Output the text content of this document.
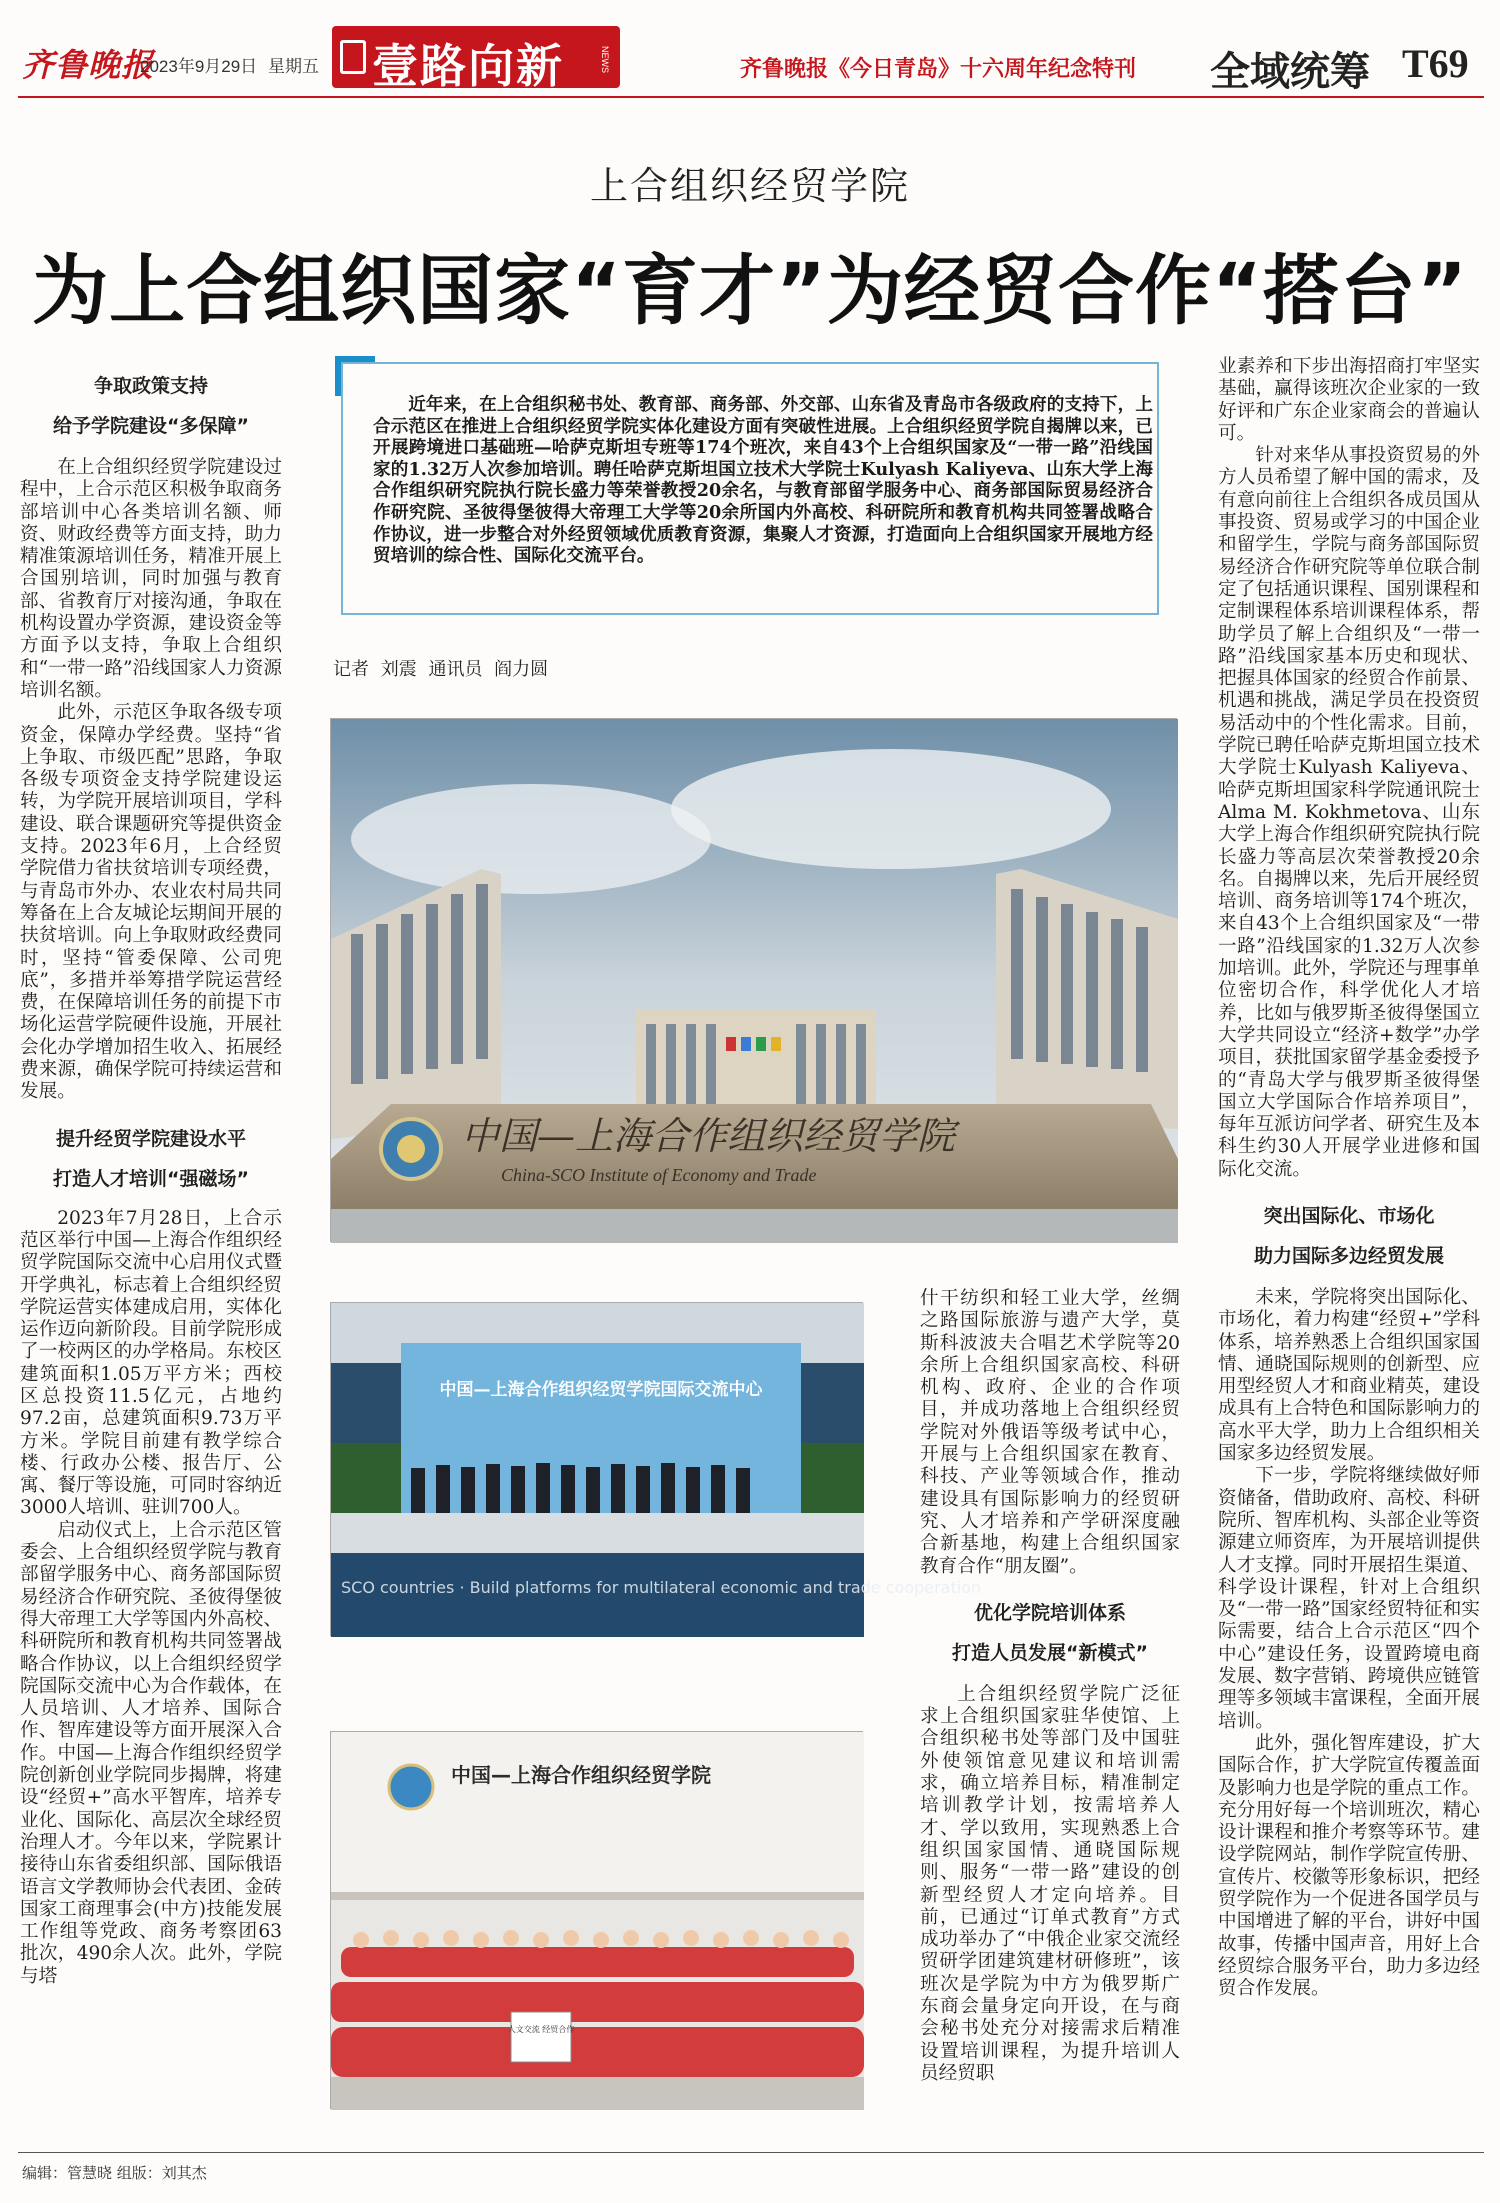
齐鲁晚报
2023年9月29日 星期五 壹路向新	NEWS	齐鲁晚报《今日青岛》十六周年纪念特刊 全域统筹 T69
上合组织经贸学院
为上合组织国家“育才”为经贸合作“搭台”

争取政策支持

给予学院建设“多保障”

在上合组织经贸学院建设过程中，上合示范区积极争取商务部培训中心各类培训名额、师资、财政经费等方面支持，助力精准策源培训任务，精准开展上合国别培训，同时加强与教育部、省教育厅对接沟通，争取在机构设置办学资源，建设资金等方面予以支持，争取上合组织和“一带一路”沿线国家人力资源培训名额。

此外，示范区争取各级专项资金，保障办学经费。坚持“省上争取、市级匹配”思路，争取各级专项资金支持学院建设运转，为学院开展培训项目，学科建设、联合课题研究等提供资金支持。2023年6月，上合经贸学院借力省扶贫培训专项经费，与青岛市外办、农业农村局共同筹备在上合友城论坛期间开展的扶贫培训。向上争取财政经费同时，坚持“管委保障、公司兜底”，多措并举筹措学院运营经费，在保障培训任务的前提下市场化运营学院硬件设施，开展社会化办学增加招生收入、拓展经费来源，确保学院可持续运营和发展。

提升经贸学院建设水平

打造人才培训“强磁场”

2023年7月28日，上合示范区举行中国—上海合作组织经贸学院国际交流中心启用仪式暨开学典礼，标志着上合组织经贸学院运营实体建成启用，实体化运作迈向新阶段。目前学院形成了一校两区的办学格局。东校区建筑面积1.05万平方米；西校区总投资11.5亿元，占地约97.2亩，总建筑面积9.73万平方米。学院目前建有教学综合楼、行政办公楼、报告厅、公寓、餐厅等设施，可同时容纳近3000人培训、驻训700人。

启动仪式上，上合示范区管委会、上合组织经贸学院与教育部留学服务中心、商务部国际贸易经济合作研究院、圣彼得堡彼得大帝理工大学等国内外高校、科研院所和教育机构共同签署战略合作协议，以上合组织经贸学院国际交流中心为合作载体，在人员培训、人才培养、国际合作、智库建设等方面开展深入合作。中国—上海合作组织经贸学院创新创业学院同步揭牌，将建设“经贸+”高水平智库，培养专业化、国际化、高层次全球经贸治理人才。今年以来，学院累计接待山东省委组织部、国际俄语语言文学教师协会代表团、金砖国家工商理事会(中方)技能发展工作组等党政、商务考察团63批次，490余人次。此外，学院与塔

近年来，在上合组织秘书处、教育部、商务部、外交部、山东省及青岛市各级政府的支持下，上合示范区在推进上合组织经贸学院实体化建设方面有突破性进展。上合组织经贸学院自揭牌以来，已开展跨境进口基础班—哈萨克斯坦专班等174个班次，来自43个上合组织国家及“一带一路”沿线国家的1.32万人次参加培训。聘任哈萨克斯坦国立技术大学院士Kulyash Kaliyeva、山东大学上海合作组织研究院执行院长盛力等荣誉教授20余名，与教育部留学服务中心、商务部国际贸易经济合作研究院、圣彼得堡彼得大帝理工大学等20余所国内外高校、科研院所和教育机构共同签署战略合作协议，进一步整合对外经贸领域优质教育资源，集聚人才资源，打造面向上合组织国家开展地方经贸培训的综合性、国际化交流平台。

记者 刘震 通讯员 阎力圆
中国—上海合作组织经贸学院
China-SCO Institute of Economy and Trade
中国—上海合作组织经贸学院国际交流中心
SCO countries · Build platforms for multilateral economic and trade cooperation
中国—上海合作组织经贸学院
人文交流 经贸合作

什干纺织和轻工业大学，丝绸之路国际旅游与遗产大学，莫斯科波波夫合唱艺术学院等20余所上合组织国家高校、科研机构、政府、企业的合作项目，并成功落地上合组织经贸学院对外俄语等级考试中心，开展与上合组织国家在教育、科技、产业等领域合作，推动建设具有国际影响力的经贸研究、人才培养和产学研深度融合新基地，构建上合组织国家教育合作“朋友圈”。

优化学院培训体系

打造人员发展“新模式”

上合组织经贸学院广泛征求上合组织国家驻华使馆、上合组织秘书处等部门及中国驻外使领馆意见建议和培训需求，确立培养目标，精准制定培训教学计划，按需培养人才、学以致用，实现熟悉上合组织国家国情、通晓国际规则、服务“一带一路”建设的创新型经贸人才定向培养。目前，已通过“订单式教育”方式成功举办了“中俄企业家交流经贸研学团建筑建材研修班”，该班次是学院为中方为俄罗斯广东商会量身定向开设，在与商会秘书处充分对接需求后精准设置培训课程，为提升培训人员经贸职

业素养和下步出海招商打牢坚实基础，赢得该班次企业家的一致好评和广东企业家商会的普遍认可。

针对来华从事投资贸易的外方人员希望了解中国的需求，及有意向前往上合组织各成员国从事投资、贸易或学习的中国企业和留学生，学院与商务部国际贸易经济合作研究院等单位联合制定了包括通识课程、国别课程和定制课程体系培训课程体系，帮助学员了解上合组织及“一带一路”沿线国家基本历史和现状、把握具体国家的经贸合作前景、机遇和挑战，满足学员在投资贸易活动中的个性化需求。目前，学院已聘任哈萨克斯坦国立技术大学院士Kulyash Kaliyeva、哈萨克斯坦国家科学院通讯院士Alma M. Kokhmetova、山东大学上海合作组织研究院执行院长盛力等高层次荣誉教授20余名。自揭牌以来，先后开展经贸培训、商务培训等174个班次，来自43个上合组织国家及“一带一路”沿线国家的1.32万人次参加培训。此外，学院还与理事单位密切合作，科学优化人才培养，比如与俄罗斯圣彼得堡国立大学共同设立“经济+数学”办学项目，获批国家留学基金委授予的“青岛大学与俄罗斯圣彼得堡国立大学国际合作培养项目”，每年互派访问学者、研究生及本科生约30人开展学业进修和国际化交流。

突出国际化、市场化

助力国际多边经贸发展

未来，学院将突出国际化、市场化，着力构建“经贸+”学科体系，培养熟悉上合组织国家国情、通晓国际规则的创新型、应用型经贸人才和商业精英，建设成具有上合特色和国际影响力的高水平大学，助力上合组织相关国家多边经贸发展。

下一步，学院将继续做好师资储备，借助政府、高校、科研院所、智库机构、头部企业等资源建立师资库，为开展培训提供人才支撑。同时开展招生渠道、科学设计课程，针对上合组织及“一带一路”国家经贸特征和实际需要，结合上合示范区“四个中心”建设任务，设置跨境电商发展、数字营销、跨境供应链管理等多领域丰富课程，全面开展培训。

此外，强化智库建设，扩大国际合作，扩大学院宣传覆盖面及影响力也是学院的重点工作。充分用好每一个培训班次，精心设计课程和推介考察等环节。建设学院网站，制作学院宣传册、宣传片、校徽等形象标识，把经贸学院作为一个促进各国学员与中国增进了解的平台，讲好中国故事，传播中国声音，用好上合经贸综合服务平台，助力多边经贸合作发展。

编辑：管慧晓 组版：刘其杰
